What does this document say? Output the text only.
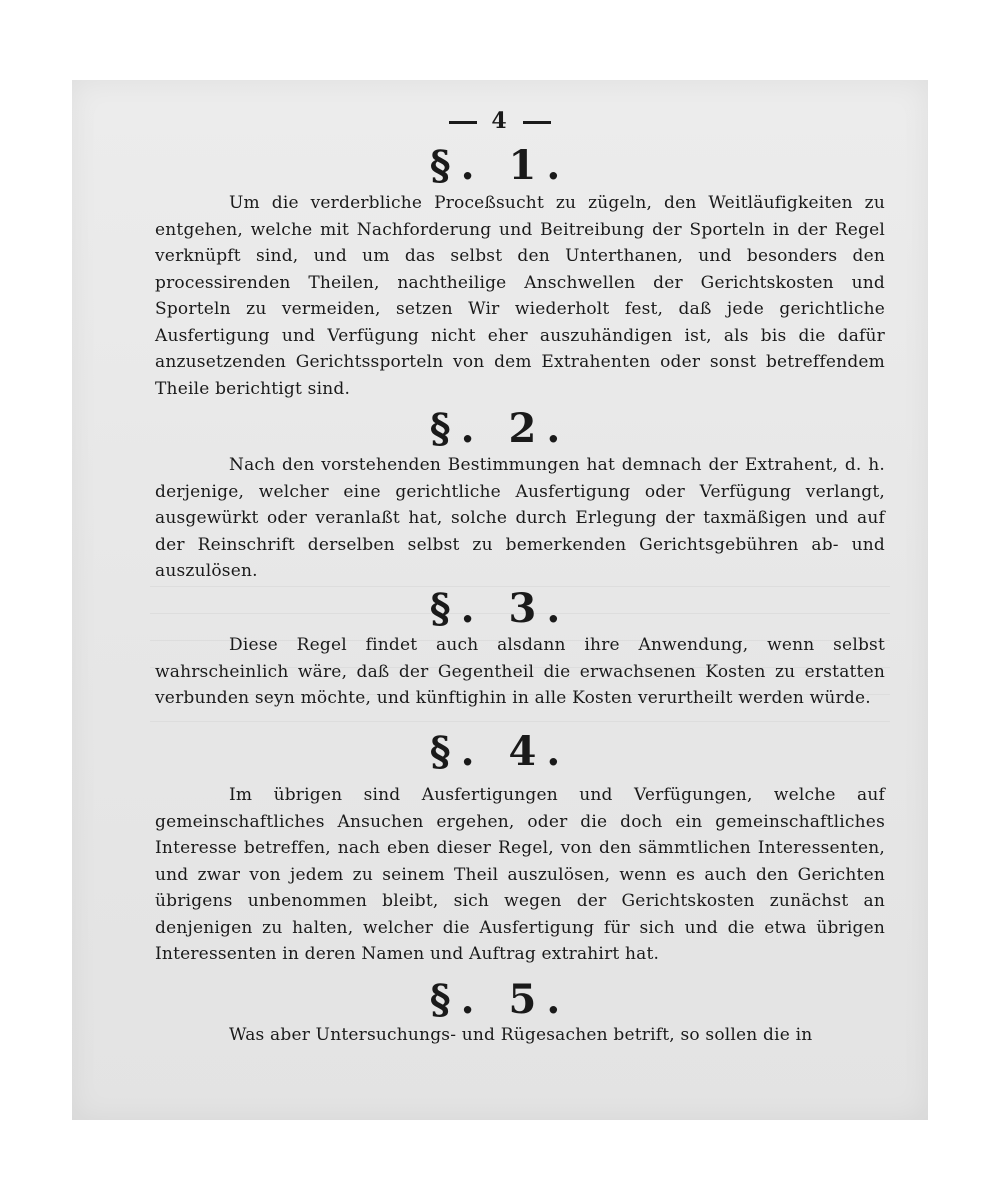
4
§. 1.
Um die verderbliche Proceßsucht zu zügeln, den Weitläufigkeiten zu entgehen, welche mit Nachforderung und Beitreibung der Sporteln in der Regel verknüpft sind, und um das selbst den Unterthanen, und besonders den processirenden Theilen, nachtheilige Anschwellen der Gerichtskosten und Sporteln zu vermeiden, setzen Wir wiederholt fest, daß jede gerichtliche Ausfertigung und Verfügung nicht eher auszuhändigen ist, als bis die dafür anzusetzenden Gerichtssporteln von dem Extrahenten oder sonst betreffendem Theile berichtigt sind.
§. 2.
Nach den vorstehenden Bestimmungen hat demnach der Extrahent, d. h. derjenige, welcher eine gerichtliche Ausfertigung oder Verfügung verlangt, ausgewürkt oder veranlaßt hat, solche durch Erlegung der taxmäßigen und auf der Reinschrift derselben selbst zu bemerkenden Gerichtsgebühren ab- und auszulösen.
§. 3.
Diese Regel findet auch alsdann ihre Anwendung, wenn selbst wahrscheinlich wäre, daß der Gegentheil die erwachsenen Kosten zu erstatten verbunden seyn möchte, und künftighin in alle Kosten verurtheilt werden würde.
§. 4.
Im übrigen sind Ausfertigungen und Verfügungen, welche auf gemeinschaftliches Ansuchen ergehen, oder die doch ein gemeinschaftliches Interesse betreffen, nach eben dieser Regel, von den sämmtlichen Interessenten, und zwar von jedem zu seinem Theil auszulösen, wenn es auch den Gerichten übrigens unbenommen bleibt, sich wegen der Gerichtskosten zunächst an denjenigen zu halten, welcher die Ausfertigung für sich und die etwa übrigen Interessenten in deren Namen und Auftrag extrahirt hat.
§. 5.
Was aber Untersuchungs- und Rügesachen betrift, so sollen die in
